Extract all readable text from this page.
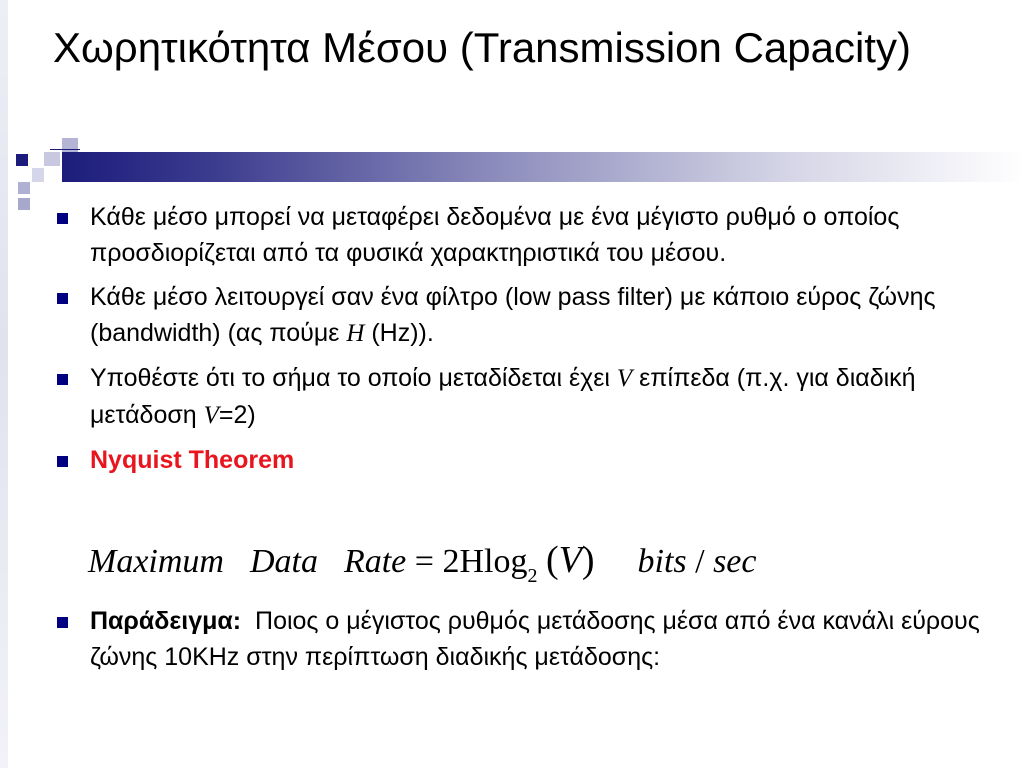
Χωρητικότητα Μέσου (Transmission Capacity)
Κάθε μέσο μπορεί να μεταφέρει δεδομένα με ένα μέγιστο ρυθμό ο οποίος προσδιορίζεται από τα φυσικά χαρακτηριστικά του μέσου.
Κάθε μέσο λειτουργεί σαν ένα φίλτρο (low pass filter) με κάποιο εύρος ζώνης (bandwidth) (ας πούμε H (Hz)).
Υποθέστε ότι το σήμα το οποίο μεταδίδεται έχει V επίπεδα (π.χ. για διαδική μετάδοση V=2)
Nyquist Theorem
Maximum Data Rate = 2Hlog$_2$ (V) bits / sec
Παράδειγμα:  Ποιος ο μέγιστος ρυθμός μετάδοσης μέσα από ένα κανάλι εύρους ζώνης 10KHz στην περίπτωση διαδικής μετάδοσης:
